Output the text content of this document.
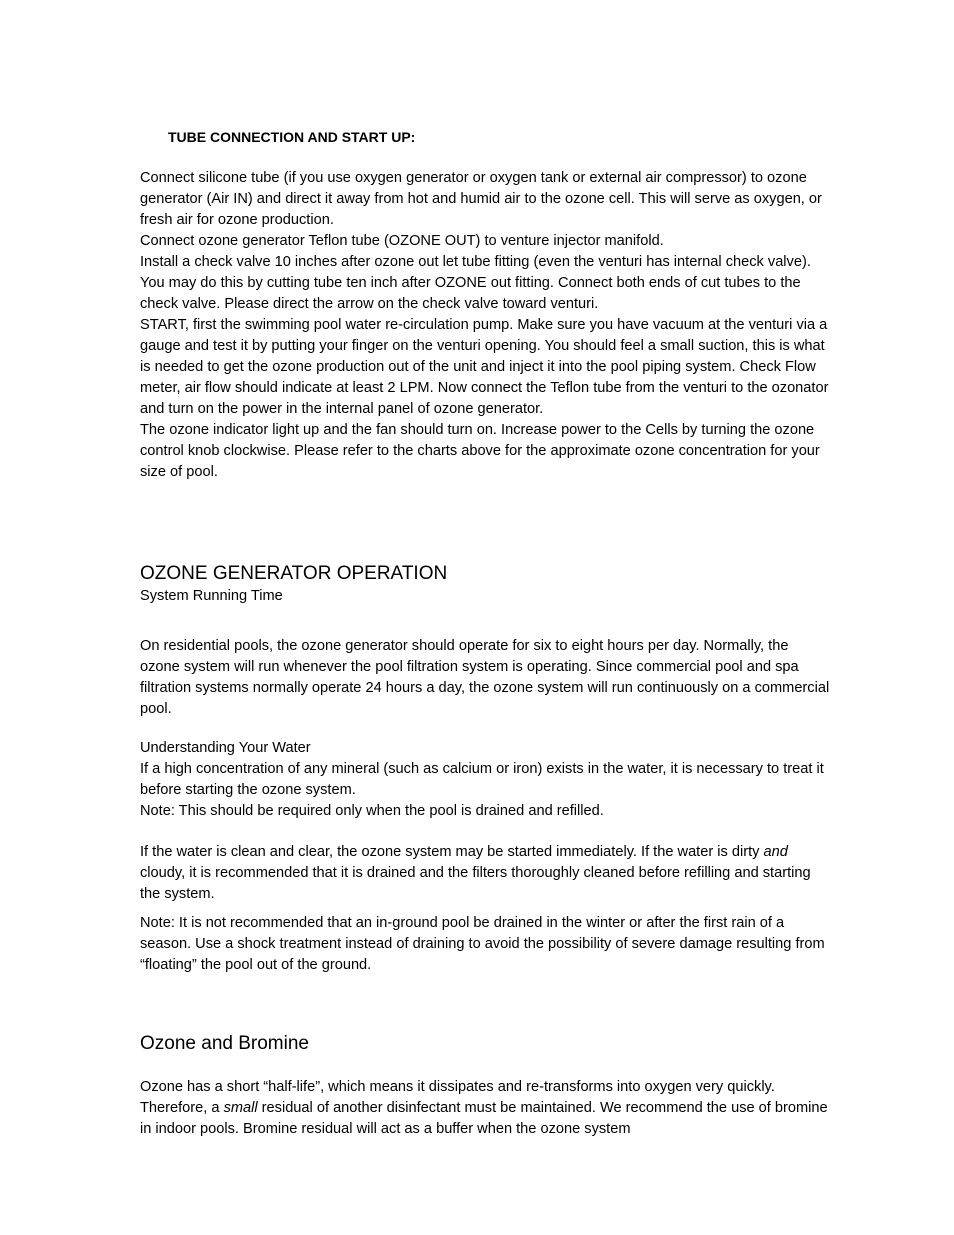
TUBE CONNECTION AND START UP:

Connect silicone tube (if you use oxygen generator or oxygen tank or external air compressor) to ozone generator (Air IN) and direct it away from hot and humid air to the ozone cell. This will serve as oxygen, or fresh air for ozone production.

Connect ozone generator Teflon tube (OZONE OUT) to venture injector manifold.

Install a check valve 10 inches after ozone out let tube fitting (even the venturi has internal check valve). You may do this by cutting tube ten inch after OZONE out fitting. Connect both ends of cut tubes to the check valve. Please direct the arrow on the check valve toward venturi.

START, first the swimming pool water re-circulation pump. Make sure you have vacuum at the venturi via a gauge and test it by putting your finger on the venturi opening. You should feel a small suction, this is what is needed to get the ozone production out of the unit and inject it into the pool piping system. Check Flow meter, air flow should indicate at least 2 LPM. Now connect the Teflon tube from the venturi to the ozonator and turn on the power in the internal panel of ozone generator.

The ozone indicator light up and the fan should turn on. Increase power to the Cells by turning the ozone control knob clockwise. Please refer to the charts above for the approximate ozone concentration for your size of pool.

OZONE GENERATOR OPERATION

System Running Time

On residential pools, the ozone generator should operate for six to eight hours per day. Normally, the ozone system will run whenever the pool filtration system is operating. Since commercial pool and spa filtration systems normally operate 24 hours a day, the ozone system will run continuously on a commercial pool.

Understanding Your Water

If a high concentration of any mineral (such as calcium or iron) exists in the water, it is necessary to treat it before starting the ozone system.

Note: This should be required only when the pool is drained and refilled.

If the water is clean and clear, the ozone system may be started immediately. If the water is dirty and cloudy, it is recommended that it is drained and the filters thoroughly cleaned before refilling and starting the system.

Note: It is not recommended that an in-ground pool be drained in the winter or after the first rain of a season. Use a shock treatment instead of draining to avoid the possibility of severe damage resulting from “floating” the pool out of the ground.

Ozone and Bromine

Ozone has a short “half-life”, which means it dissipates and re-transforms into oxygen very quickly. Therefore, a small residual of another disinfectant must be maintained. We recommend the use of bromine in indoor pools. Bromine residual will act as a buffer when the ozone system
